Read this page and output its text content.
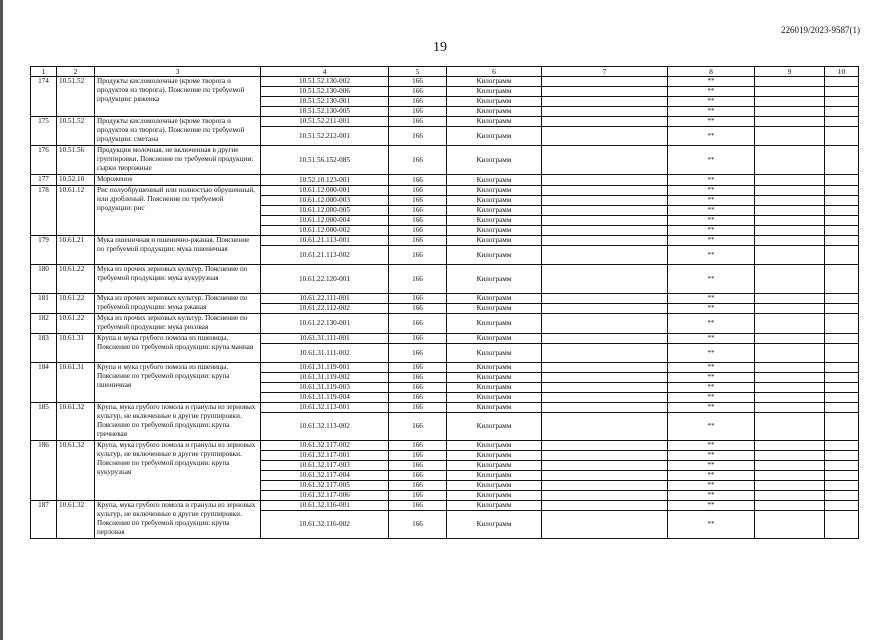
226019/2023-9587(1)
19
1	2	3	4	5	6	7	8	9	10
174	10.51.52	Продукты кисломолочные (кроме творога и продуктов из творога). Пояснение по требуемой продукции: ряженка	10.51.52.130-002	166	Килограмм		**		
			10.51.52.130-006	166	Килограмм		**		
			10.51.52.130-001	166	Килограмм		**		
			10.51.52.130-005	166	Килограмм		**		
175	10.51.52	Продукты кисломолочные (кроме творога и продуктов из творога). Пояснение по требуемой продукции: сметана	10.51.52.211-001	166	Килограмм		**		
			10.51.52.212-001	166	Килограмм		**		
176	10.51.56	Продукция молочная, не включенная в другие группировки. Пояснение по требуемой продукции: сырки творожные	10.51.56.152-085	166	Килограмм		**		
177	10.52.10	Мороженое	10.52.10.123-001	166	Килограмм		**		
178	10.61.12	Рис полуобрушенный или полностью обрушенный, или дробленый. Пояснение по требуемой продукции: рис	10.61.12.000-001	166	Килограмм		**		
			10.61.12.000-003	166	Килограмм		**		
			10.61.12.000-005	166	Килограмм		**		
			10.61.12.000-004	166	Килограмм		**		
			10.61.12.000-002	166	Килограмм		**		
179	10.61.21	Мука пшеничная и пшенично-ржаная. Пояснение по требуемой продукции: мука пшеничная	10.61.21.113-001	166	Килограмм		**		
			10.61.21.113-002	166	Килограмм		**		
180	10.61.22	Мука из прочих зерновых культур. Пояснение по требуемой продукции: мука кукурузная	10.61.22.120-001	166	Килограмм		**		
181	10.61.22	Мука из прочих зерновых культур. Пояснение по требуемой продукции: мука ржаная	10.61.22.111-001	166	Килограмм		**		
			10.61.22.112-002	166	Килограмм		**		
182	10.61.22	Мука из прочих зерновых культур. Пояснение по требуемой продукции: мука рисовая	10.61.22.130-001	166	Килограмм		**		
183	10.61.31	Крупа и мука грубого помола из пшеницы. Пояснение по требуемой продукции: крупа манная	10.61.31.111-001	166	Килограмм		**		
			10.61.31.111-002	166	Килограмм		**		
184	10.61.31	Крупа и мука грубого помола из пшеницы. Пояснение по требуемой продукции: крупа пшеничная	10.61.31.119-001	166	Килограмм		**		
			10.61.31.119-002	166	Килограмм		**		
			10.61.31.119-003	166	Килограмм		**		
			10.61.31.119-004	166	Килограмм		**		
185	10.61.32	Крупа, мука грубого помола и гранулы из зерновых культур, не включенные в другие группировки. Пояснение по требуемой продукции: крупа гречневая	10.61.32.113-001	166	Килограмм		**		
			10.61.32.113-002	166	Килограмм		**		
186	10.61.32	Крупа, мука грубого помола и гранулы из зерновых культур, не включенные в другие группировки. Пояснение по требуемой продукции: крупа кукурузная	10.61.32.117-002	166	Килограмм		**		
			10.61.32.117-001	166	Килограмм		**		
			10.61.32.117-003	166	Килограмм		**		
			10.61.32.117-004	166	Килограмм		**		
			10.61.32.117-005	166	Килограмм		**		
			10.61.32.117-006	166	Килограмм		**		
187	10.61.32	Крупа, мука грубого помола и гранулы из зерновых культур, не включенные в другие группировки. Пояснение по требуемой продукции: крупа перловая	10.61.32.116-001	166	Килограмм		**		
			10.61.32.116-002	166	Килограмм		**		
